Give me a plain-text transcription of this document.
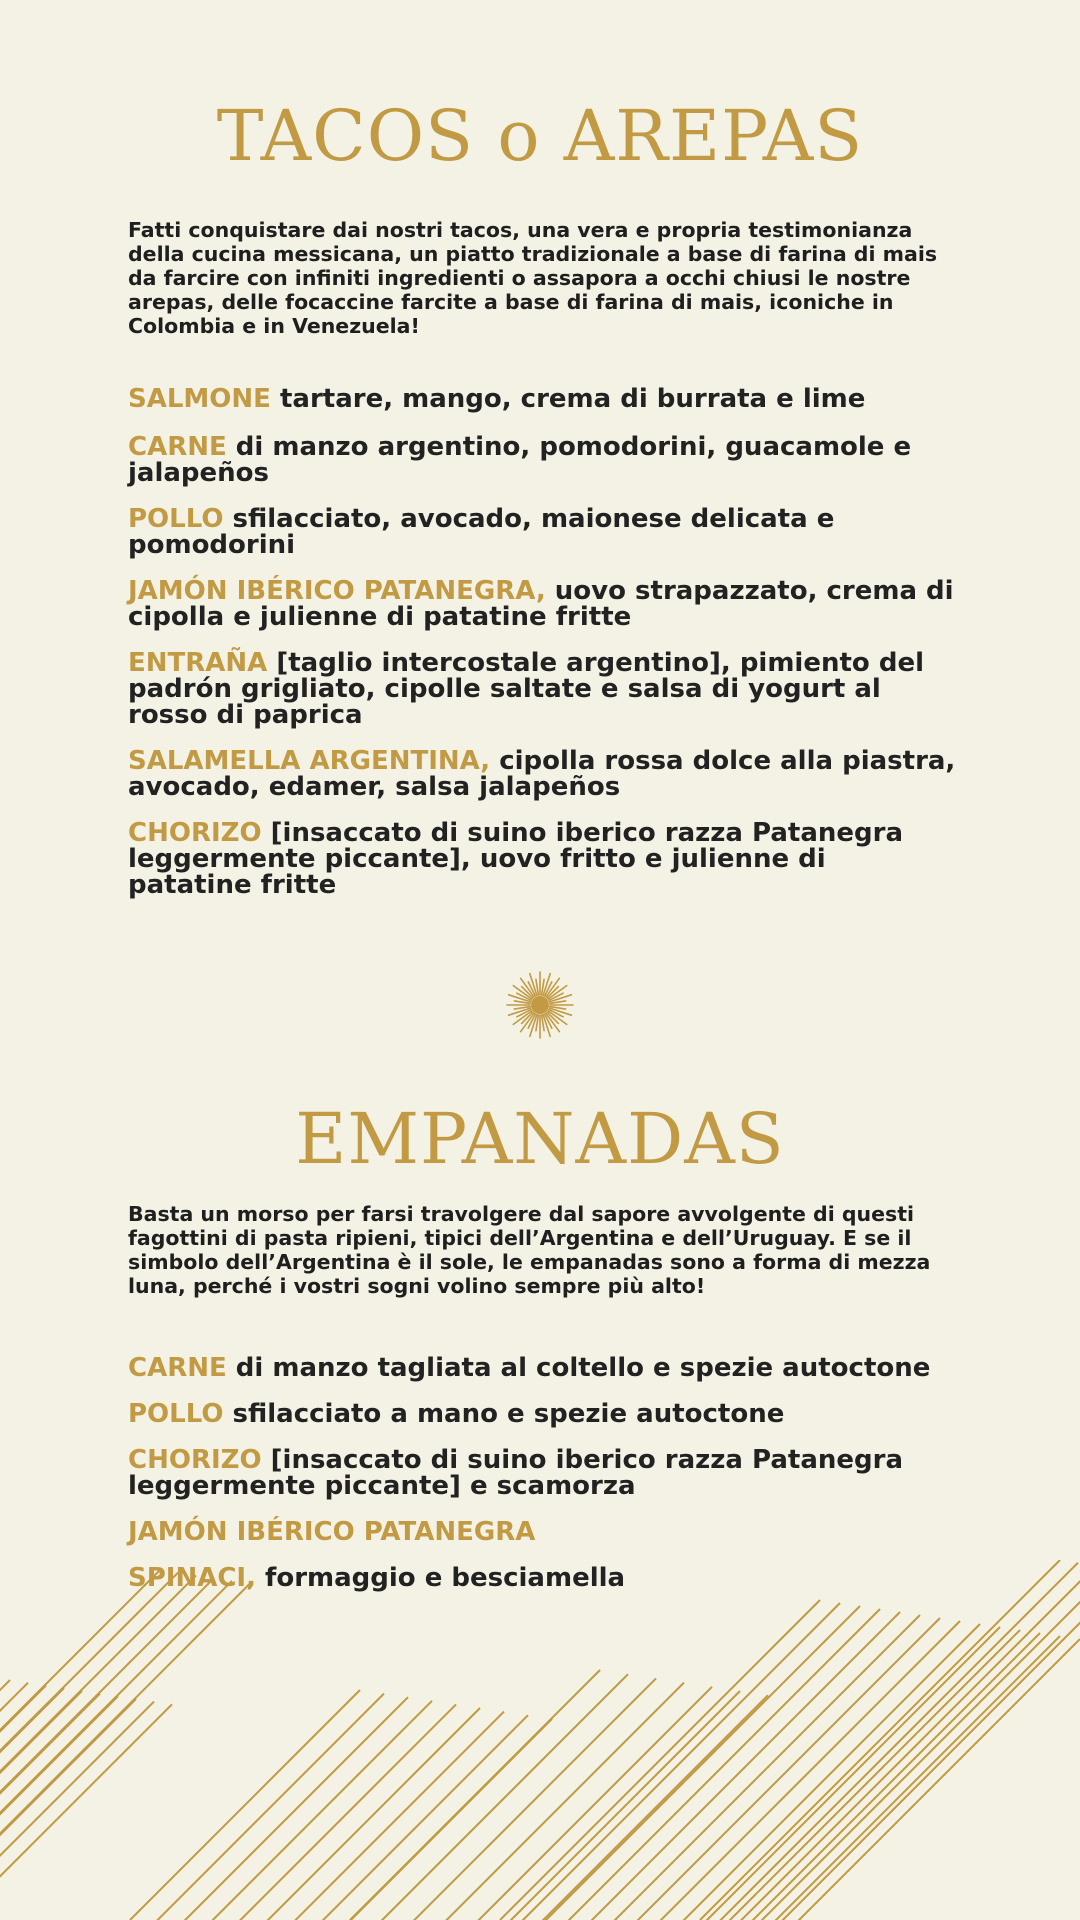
TACOS o AREPAS

Fatti conquistare dai nostri tacos, una vera e propria testimonianza della cucina messicana, un piatto tradizionale a base di farina di mais da farcire con infiniti ingredienti o assapora a occhi chiusi le nostre arepas, delle focaccine farcite a base di farina di mais, iconiche in Colombia e in Venezuela!

SALMONE tartare, mango, crema di burrata e lime
CARNE di manzo argentino, pomodorini, guacamole e jalapeños
POLLO sfilacciato, avocado, maionese delicata e pomodorini
JAMÓN IBÉRICO PATANEGRA, uovo strapazzato, crema di cipolla e julienne di patatine fritte
ENTRAÑA [taglio intercostale argentino], pimiento del padrón grigliato, cipolle saltate e salsa di yogurt al rosso di paprica
SALAMELLA ARGENTINA, cipolla rossa dolce alla piastra, avocado, edamer, salsa jalapeños
CHORIZO [insaccato di suino iberico razza Patanegra leggermente piccante], uovo fritto e julienne di patatine fritte
EMPANADAS

Basta un morso per farsi travolgere dal sapore avvolgente di questi fagottini di pasta ripieni, tipici dell’Argentina e dell’Uruguay. E se il simbolo dell’Argentina è il sole, le empanadas sono a forma di mezza luna, perché i vostri sogni volino sempre più alto!

CARNE di manzo tagliata al coltello e spezie autoctone
POLLO sfilacciato a mano e spezie autoctone
CHORIZO [insaccato di suino iberico razza Patanegra leggermente piccante] e scamorza
JAMÓN IBÉRICO PATANEGRA
SPINACI, formaggio e besciamella
